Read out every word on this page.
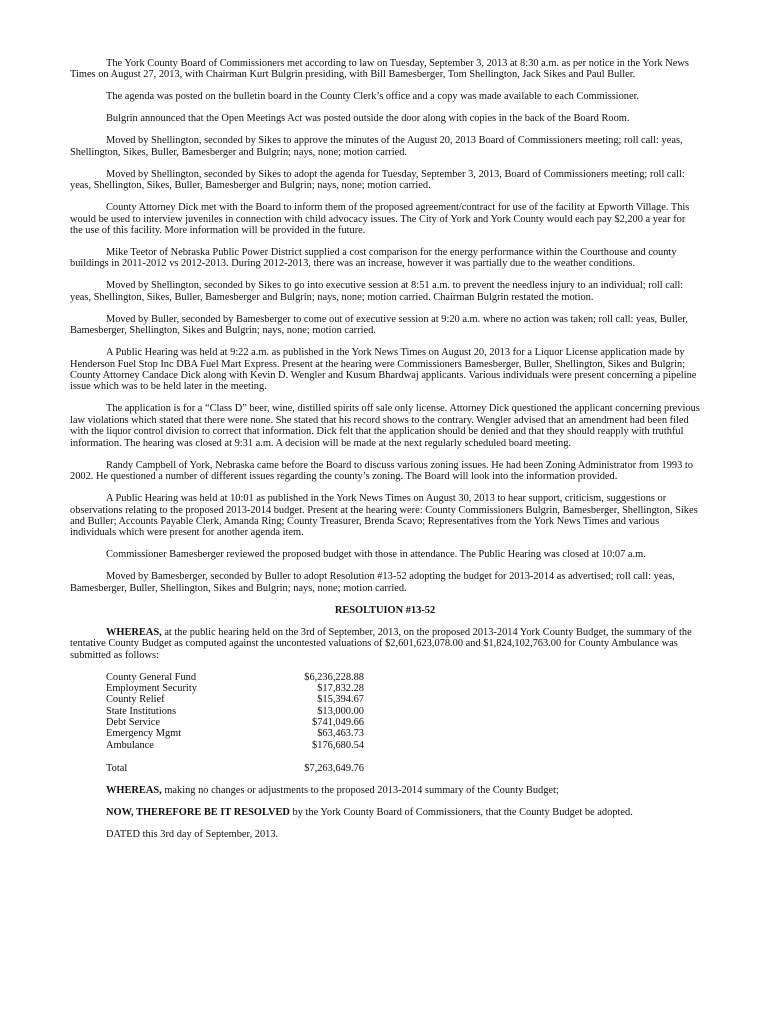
The York County Board of Commissioners met according to law on Tuesday, September 3, 2013 at 8:30 a.m. as per notice in the York News Times on August 27, 2013, with Chairman Kurt Bulgrin presiding, with Bill Bamesberger, Tom Shellington, Jack Sikes and Paul Buller.

The agenda was posted on the bulletin board in the County Clerk’s office and a copy was made available to each Commissioner.

Bulgrin announced that the Open Meetings Act was posted outside the door along with copies in the back of the Board Room.

Moved by Shellington, seconded by Sikes to approve the minutes of the August 20, 2013 Board of Commissioners meeting; roll call: yeas, Shellington, Sikes, Buller, Bamesberger and Bulgrin; nays, none; motion carried.

Moved by Shellington, seconded by Sikes to adopt the agenda for Tuesday, September 3, 2013, Board of Commissioners meeting; roll call: yeas, Shellington, Sikes, Buller, Bamesberger and Bulgrin; nays, none; motion carried.

County Attorney Dick met with the Board to inform them of the proposed agreement/contract for use of the facility at Epworth Village. This would be used to interview juveniles in connection with child advocacy issues. The City of York and York County would each pay $2,200 a year for the use of this facility. More information will be provided in the future.

Mike Teetor of Nebraska Public Power District supplied a cost comparison for the energy performance within the Courthouse and county buildings in 2011-2012 vs 2012-2013. During 2012-2013, there was an increase, however it was partially due to the weather conditions.

Moved by Shellington, seconded by Sikes to go into executive session at 8:51 a.m. to prevent the needless injury to an individual; roll call: yeas, Shellington, Sikes, Buller, Bamesberger and Bulgrin; nays, none; motion carried. Chairman Bulgrin restated the motion.

Moved by Buller, seconded by Bamesberger to come out of executive session at 9:20 a.m. where no action was taken; roll call: yeas, Buller, Bamesberger, Shellington, Sikes and Bulgrin; nays, none; motion carried.

A Public Hearing was held at 9:22 a.m. as published in the York News Times on August 20, 2013 for a Liquor License application made by Henderson Fuel Stop Inc DBA Fuel Mart Express. Present at the hearing were Commissioners Bamesberger, Buller, Shellington, Sikes and Bulgrin; County Attorney Candace Dick along with Kevin D. Wengler and Kusum Bhardwaj applicants. Various individuals were present concerning a pipeline issue which was to be held later in the meeting.

The application is for a “Class D” beer, wine, distilled spirits off sale only license. Attorney Dick questioned the applicant concerning previous law violations which stated that there were none. She stated that his record shows to the contrary. Wengler advised that an amendment had been filed with the liquor control division to correct that information. Dick felt that the application should be denied and that they should reapply with truthful information. The hearing was closed at 9:31 a.m. A decision will be made at the next regularly scheduled board meeting.

Randy Campbell of York, Nebraska came before the Board to discuss various zoning issues. He had been Zoning Administrator from 1993 to 2002. He questioned a number of different issues regarding the county’s zoning. The Board will look into the information provided.

A Public Hearing was held at 10:01 as published in the York News Times on August 30, 2013 to hear support, criticism, suggestions or observations relating to the proposed 2013-2014 budget. Present at the hearing were: County Commissioners Bulgrin, Bamesberger, Shellington, Sikes and Buller; Accounts Payable Clerk, Amanda Ring; County Treasurer, Brenda Scavo; Representatives from the York News Times and various individuals which were present for another agenda item.

Commissioner Bamesberger reviewed the proposed budget with those in attendance. The Public Hearing was closed at 10:07 a.m.

Moved by Bamesberger, seconded by Buller to adopt Resolution #13-52 adopting the budget for 2013-2014 as advertised; roll call: yeas, Bamesberger, Buller, Shellington, Sikes and Bulgrin; nays, none; motion carried.

RESOLTUION #13-52

WHEREAS, at the public hearing held on the 3rd of September, 2013, on the proposed 2013-2014 York County Budget, the summary of the tentative County Budget as computed against the uncontested valuations of $2,601,623,078.00 and $1,824,102,763.00 for County Ambulance was submitted as follows:

County General Fund	$6,236,228.88
Employment Security	$17,832.28
County Relief	$15,394.67
State Institutions	$13,000.00
Debt Service	$741,049.66
Emergency Mgmt	$63,463.73
Ambulance	$176,680.54
Total	$7,263,649.76

WHEREAS, making no changes or adjustments to the proposed 2013-2014 summary of the County Budget;

NOW, THEREFORE BE IT RESOLVED by the York County Board of Commissioners, that the County Budget be adopted.

DATED this 3rd day of September, 2013.
